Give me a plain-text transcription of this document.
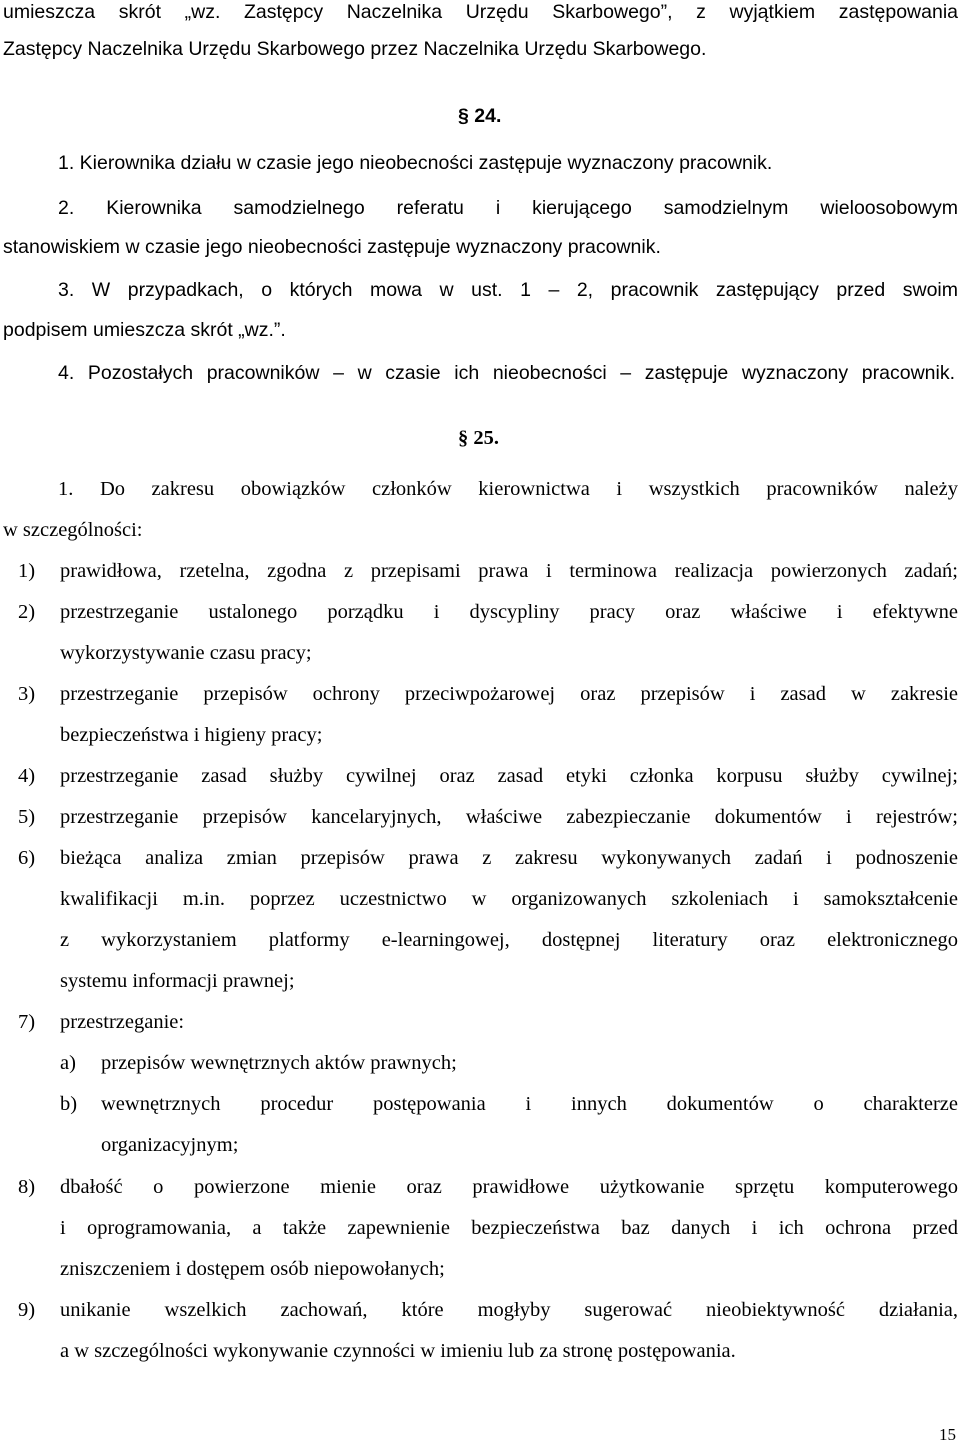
umieszcza skrót „wz. Zastępcy Naczelnika Urzędu Skarbowego”, z wyjątkiem zastępowania
Zastępcy Naczelnika Urzędu Skarbowego przez Naczelnika Urzędu Skarbowego.
§ 24.
1. Kierownika działu w czasie jego nieobecności zastępuje wyznaczony pracownik.
2. Kierownika samodzielnego referatu i kierującego samodzielnym wieloosobowym
stanowiskiem w czasie jego nieobecności zastępuje wyznaczony pracownik.
3. W przypadkach, o których mowa w ust. 1 – 2, pracownik zastępujący przed swoim
podpisem umieszcza skrót „wz.”.
4. Pozostałych pracowników – w czasie ich nieobecności – zastępuje wyznaczony pracownik.
§ 25.
1. Do zakresu obowiązków członków kierownictwa i wszystkich pracowników należy
w szczególności:
1) prawidłowa, rzetelna, zgodna z przepisami prawa i terminowa realizacja powierzonych zadań;
2) przestrzeganie ustalonego porządku i dyscypliny pracy oraz właściwe i efektywne
wykorzystywanie czasu pracy;
3) przestrzeganie przepisów ochrony przeciwpożarowej oraz przepisów i zasad w zakresie
bezpieczeństwa i higieny pracy;
4) przestrzeganie zasad służby cywilnej oraz zasad etyki członka korpusu służby cywilnej;
5) przestrzeganie przepisów kancelaryjnych, właściwe zabezpieczanie dokumentów i rejestrów;
6) bieżąca analiza zmian przepisów prawa z zakresu wykonywanych zadań i podnoszenie
kwalifikacji m.in. poprzez uczestnictwo w organizowanych szkoleniach i samokształcenie
z wykorzystaniem platformy e-learningowej, dostępnej literatury oraz elektronicznego
systemu informacji prawnej;
7) przestrzeganie:
a) przepisów wewnętrznych aktów prawnych;
b) wewnętrznych procedur postępowania i innych dokumentów o charakterze
organizacyjnym;
8) dbałość o powierzone mienie oraz prawidłowe użytkowanie sprzętu komputerowego
i oprogramowania, a także zapewnienie bezpieczeństwa baz danych i ich ochrona przed
zniszczeniem i dostępem osób niepowołanych;
9) unikanie wszelkich zachowań, które mogłyby sugerować nieobiektywność działania,
a w szczególności wykonywanie czynności w imieniu lub za stronę postępowania.
15
